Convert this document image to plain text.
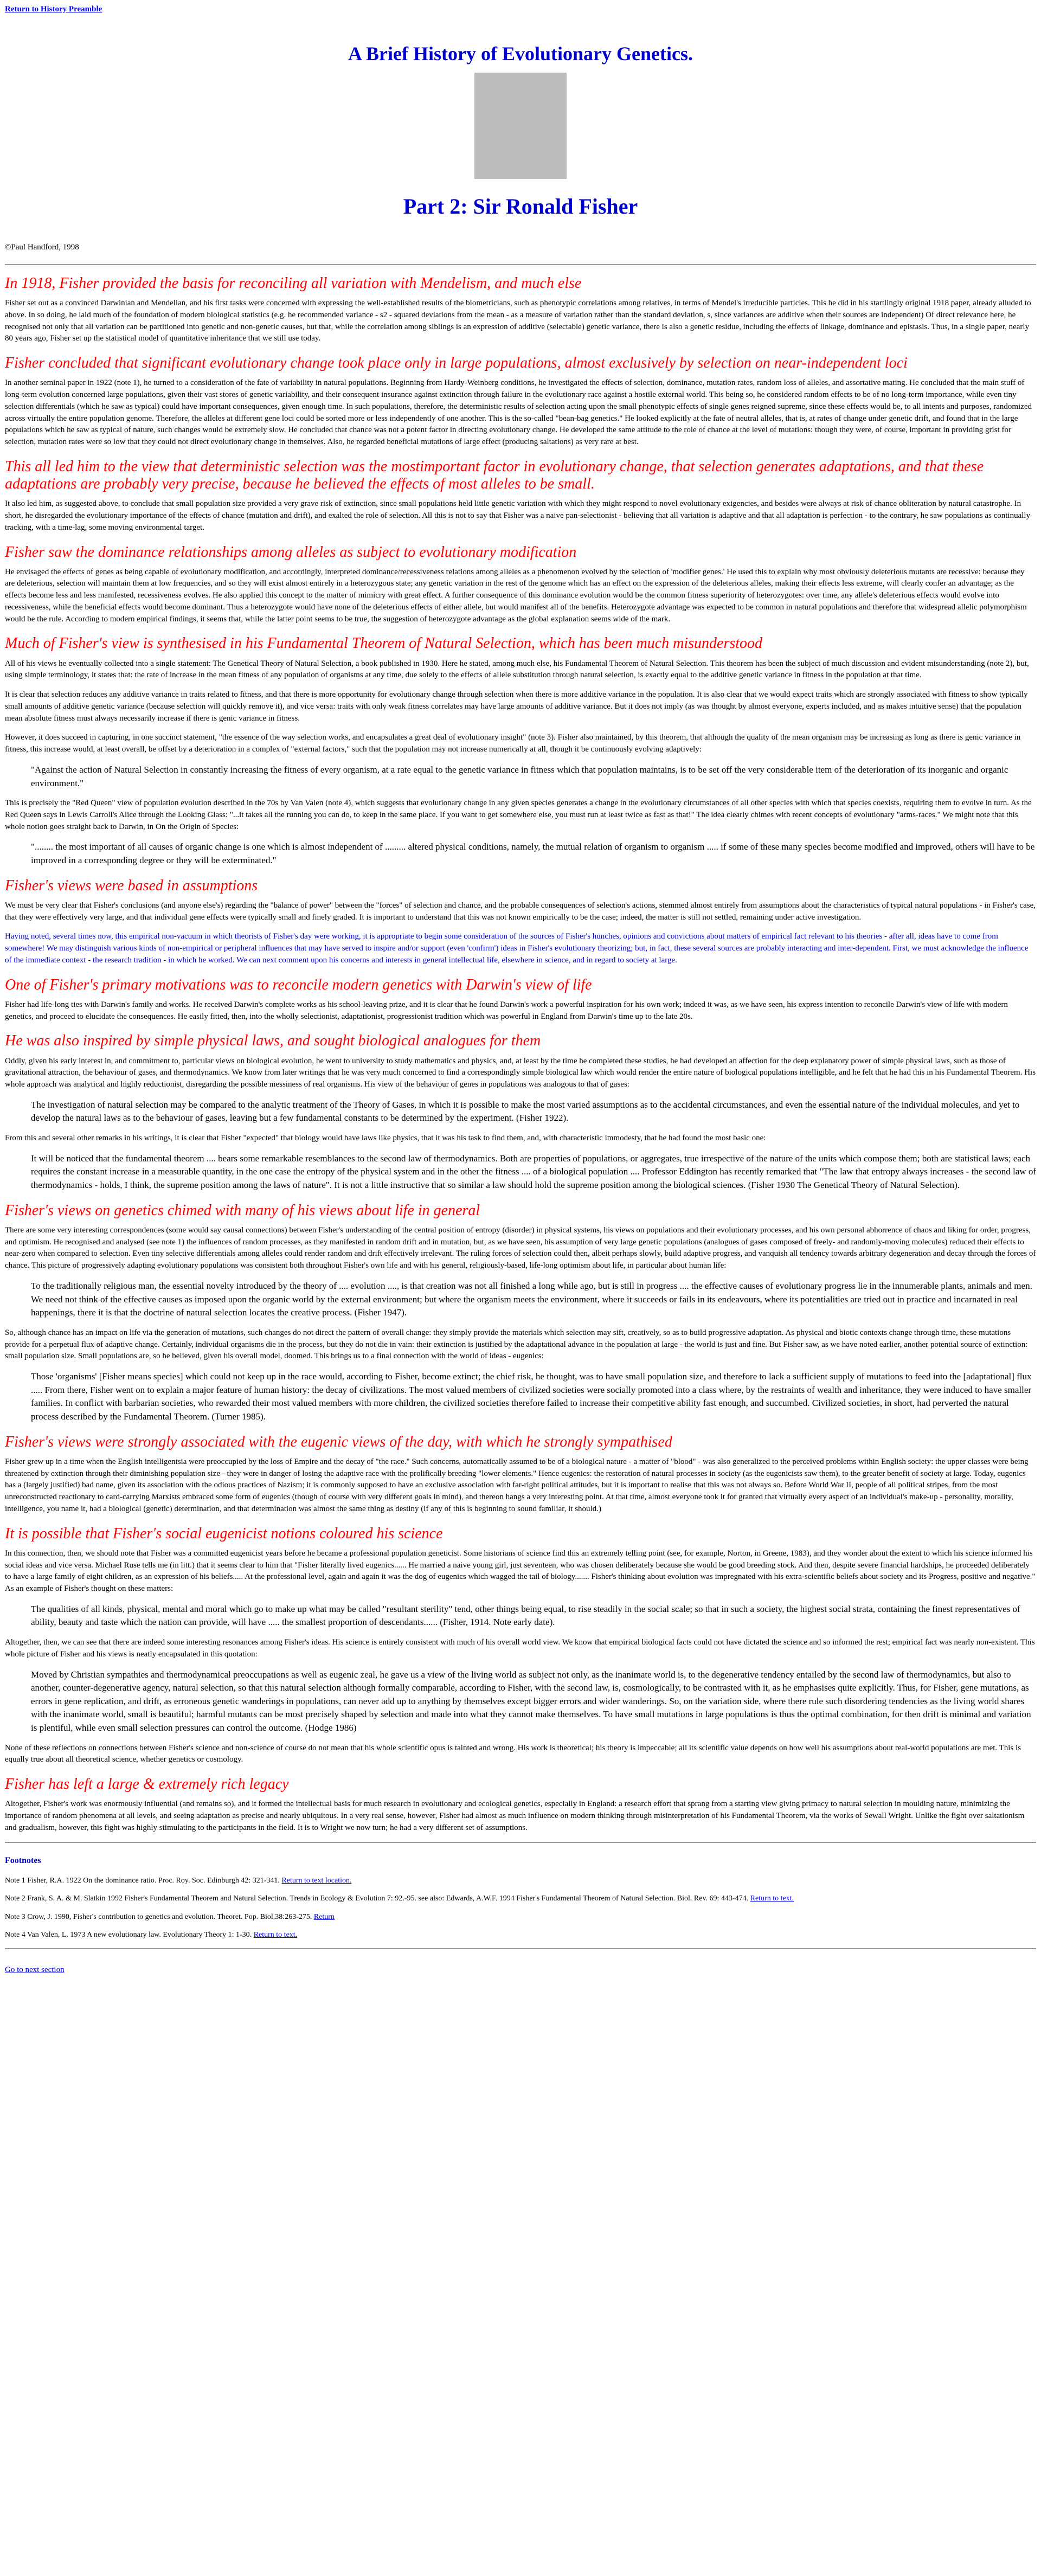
Return to History Preamble
A Brief History of Evolutionary Genetics.
Part 2: Sir Ronald Fisher
©Paul Handford, 1998
In 1918, Fisher provided the basis for reconciling all variation with Mendelism, and much else

Fisher set out as a convinced Darwinian and Mendelian, and his first tasks were concerned with expressing the well-established results of the biometricians, such as phenotypic correlations among relatives, in terms of Mendel's irreducible particles. This he did in his startlingly original 1918 paper, already alluded to above. In so doing, he laid much of the foundation of modern biological statistics (e.g. he recommended variance - s2 - squared deviations from the mean - as a measure of variation rather than the standard deviation, s, since variances are additive when their sources are independent) Of direct relevance here, he recognised not only that all variation can be partitioned into genetic and non-genetic causes, but that, while the correlation among siblings is an expression of additive (selectable) genetic variance, there is also a genetic residue, including the effects of linkage, dominance and epistasis. Thus, in a single paper, nearly 80 years ago, Fisher set up the statistical model of quantitative inheritance that we still use today.

Fisher concluded that significant evolutionary change took place only in large populations, almost exclusively by selection on near-independent loci

In another seminal paper in 1922 (note 1), he turned to a consideration of the fate of variability in natural populations. Beginning from Hardy-Weinberg conditions, he investigated the effects of selection, dominance, mutation rates, random loss of alleles, and assortative mating. He concluded that the main stuff of long-term evolution concerned large populations, given their vast stores of genetic variability, and their consequent insurance against extinction through failure in the evolutionary race against a hostile external world. This being so, he considered random effects to be of no long-term importance, while even tiny selection differentials (which he saw as typical) could have important consequences, given enough time. In such populations, therefore, the deterministic results of selection acting upon the small phenotypic effects of single genes reigned supreme, since these effects would be, to all intents and purposes, randomized across virtually the entire population genome. Therefore, the alleles at different gene loci could be sorted more or less independently of one another. This is the so-called "bean-bag genetics." He looked explicitly at the fate of neutral alleles, that is, at rates of change under genetic drift, and found that in the large populations which he saw as typical of nature, such changes would be extremely slow. He concluded that chance was not a potent factor in directing evolutionary change. He developed the same attitude to the role of chance at the level of mutations: though they were, of course, important in providing grist for selection, mutation rates were so low that they could not direct evolutionary change in themselves. Also, he regarded beneficial mutations of large effect (producing saltations) as very rare at best.

This all led him to the view that deterministic selection was the mostimportant factor in evolutionary change, that selection generates adaptations, and that these adaptations are probably very precise, because he believed the effects of most alleles to be small.

It also led him, as suggested above, to conclude that small population size provided a very grave risk of extinction, since small populations held little genetic variation with which they might respond to novel evolutionary exigencies, and besides were always at risk of chance obliteration by natural catastrophe. In short, he disregarded the evolutionary importance of the effects of chance (mutation and drift), and exalted the role of selection. All this is not to say that Fisher was a naive pan-selectionist - believing that all variation is adaptive and that all adaptation is perfection - to the contrary, he saw populations as continually tracking, with a time-lag, some moving environmental target.

Fisher saw the dominance relationships among alleles as subject to evolutionary modification

He envisaged the effects of genes as being capable of evolutionary modification, and accordingly, interpreted dominance/recessiveness relations among alleles as a phenomenon evolved by the selection of 'modifier genes.' He used this to explain why most obviously deleterious mutants are recessive: because they are deleterious, selection will maintain them at low frequencies, and so they will exist almost entirely in a heterozygous state; any genetic variation in the rest of the genome which has an effect on the expression of the deleterious alleles, making their effects less extreme, will clearly confer an advantage; as the effects become less and less manifested, recessiveness evolves. He also applied this concept to the matter of mimicry with great effect. A further consequence of this dominance evolution would be the common fitness superiority of heterozygotes: over time, any allele's deleterious effects would evolve into recessiveness, while the beneficial effects would become dominant. Thus a heterozygote would have none of the deleterious effects of either allele, but would manifest all of the benefits. Heterozygote advantage was expected to be common in natural populations and therefore that widespread allelic polymorphism would be the rule. According to modern empirical findings, it seems that, while the latter point seems to be true, the suggestion of heterozygote advantage as the global explanation seems wide of the mark.

Much of Fisher's view is synthesised in his Fundamental Theorem of Natural Selection, which has been much misunderstood

All of his views he eventually collected into a single statement: The Genetical Theory of Natural Selection, a book published in 1930. Here he stated, among much else, his Fundamental Theorem of Natural Selection. This theorem has been the subject of much discussion and evident misunderstanding (note 2), but, using simple terminology, it states that: the rate of increase in the mean fitness of any population of organisms at any time, due solely to the effects of allele substitution through natural selection, is exactly equal to the additive genetic variance in fitness in the population at that time.

It is clear that selection reduces any additive variance in traits related to fitness, and that there is more opportunity for evolutionary change through selection when there is more additive variance in the population. It is also clear that we would expect traits which are strongly associated with fitness to show typically small amounts of additive genetic variance (because selection will quickly remove it), and vice versa: traits with only weak fitness correlates may have large amounts of additive variance. But it does not imply (as was thought by almost everyone, experts included, and as makes intuitive sense) that the population mean absolute fitness must always necessarily increase if there is genic variance in fitness.

However, it does succeed in capturing, in one succinct statement, "the essence of the way selection works, and encapsulates a great deal of evolutionary insight" (note 3). Fisher also maintained, by this theorem, that although the quality of the mean organism may be increasing as long as there is genic variance in fitness, this increase would, at least overall, be offset by a deterioration in a complex of "external factors," such that the population may not increase numerically at all, though it be continuously evolving adaptively:

"Against the action of Natural Selection in constantly increasing the fitness of every organism, at a rate equal to the genetic variance in fitness which that population maintains, is to be set off the very considerable item of the deterioration of its inorganic and organic environment."

This is precisely the "Red Queen" view of population evolution described in the 70s by Van Valen (note 4), which suggests that evolutionary change in any given species generates a change in the evolutionary circumstances of all other species with which that species coexists, requiring them to evolve in turn. As the Red Queen says in Lewis Carroll's Alice through the Looking Glass: "...it takes all the running you can do, to keep in the same place. If you want to get somewhere else, you must run at least twice as fast as that!" The idea clearly chimes with recent concepts of evolutionary "arms-races." We might note that this whole notion goes straight back to Darwin, in On the Origin of Species:

"........ the most important of all causes of organic change is one which is almost independent of ......... altered physical conditions, namely, the mutual relation of organism to organism ..... if some of these many species become modified and improved, others will have to be improved in a corresponding degree or they will be exterminated."
Fisher's views were based in assumptions

We must be very clear that Fisher's conclusions (and anyone else's) regarding the "balance of power" between the "forces" of selection and chance, and the probable consequences of selection's actions, stemmed almost entirely from assumptions about the characteristics of typical natural populations - in Fisher's case, that they were effectively very large, and that individual gene effects were typically small and finely graded. It is important to understand that this was not known empirically to be the case; indeed, the matter is still not settled, remaining under active investigation.

Having noted, several times now, this empirical non-vacuum in which theorists of Fisher's day were working, it is appropriate to begin some consideration of the sources of Fisher's hunches, opinions and convictions about matters of empirical fact relevant to his theories - after all, ideas have to come from somewhere! We may distinguish various kinds of non-empirical or peripheral influences that may have served to inspire and/or support (even 'confirm') ideas in Fisher's evolutionary theorizing; but, in fact, these several sources are probably interacting and inter-dependent. First, we must acknowledge the influence of the immediate context - the research tradition - in which he worked. We can next comment upon his concerns and interests in general intellectual life, elsewhere in science, and in regard to society at large.

One of Fisher's primary motivations was to reconcile modern genetics with Darwin's view of life

Fisher had life-long ties with Darwin's family and works. He received Darwin's complete works as his school-leaving prize, and it is clear that he found Darwin's work a powerful inspiration for his own work; indeed it was, as we have seen, his express intention to reconcile Darwin's view of life with modern genetics, and proceed to elucidate the consequences. He easily fitted, then, into the wholly selectionist, adaptationist, progressionist tradition which was powerful in England from Darwin's time up to the late 20s.

He was also inspired by simple physical laws, and sought biological analogues for them

Oddly, given his early interest in, and commitment to, particular views on biological evolution, he went to university to study mathematics and physics, and, at least by the time he completed these studies, he had developed an affection for the deep explanatory power of simple physical laws, such as those of gravitational attraction, the behaviour of gases, and thermodynamics. We know from later writings that he was very much concerned to find a correspondingly simple biological law which would render the entire nature of biological populations intelligible, and he felt that he had this in his Fundamental Theorem. His whole approach was analytical and highly reductionist, disregarding the possible messiness of real organisms. His view of the behaviour of genes in populations was analogous to that of gases:

The investigation of natural selection may be compared to the analytic treatment of the Theory of Gases, in which it is possible to make the most varied assumptions as to the accidental circumstances, and even the essential nature of the individual molecules, and yet to develop the natural laws as to the behaviour of gases, leaving but a few fundamental constants to be determined by the experiment. (Fisher 1922).

From this and several other remarks in his writings, it is clear that Fisher "expected" that biology would have laws like physics, that it was his task to find them, and, with characteristic immodesty, that he had found the most basic one:

It will be noticed that the fundamental theorem .... bears some remarkable resemblances to the second law of thermodynamics. Both are properties of populations, or aggregates, true irrespective of the nature of the units which compose them; both are statistical laws; each requires the constant increase in a measurable quantity, in the one case the entropy of the physical system and in the other the fitness .... of a biological population .... Professor Eddington has recently remarked that "The law that entropy always increases - the second law of thermodynamics - holds, I think, the supreme position among the laws of nature". It is not a little instructive that so similar a law should hold the supreme position among the biological sciences. (Fisher 1930 The Genetical Theory of Natural Selection).
Fisher's views on genetics chimed with many of his views about life in general

There are some very interesting correspondences (some would say causal connections) between Fisher's understanding of the central position of entropy (disorder) in physical systems, his views on populations and their evolutionary processes, and his own personal abhorrence of chaos and liking for order, progress, and optimism. He recognised and analysed (see note 1) the influences of random processes, as they manifested in random drift and in mutation, but, as we have seen, his assumption of very large genetic populations (analogues of gases composed of freely- and randomly-moving molecules) reduced their effects to near-zero when compared to selection. Even tiny selective differentials among alleles could render random and drift effectively irrelevant. The ruling forces of selection could then, albeit perhaps slowly, build adaptive progress, and vanquish all tendency towards arbitrary degeneration and decay through the forces of chance. This picture of progressively adapting evolutionary populations was consistent both throughout Fisher's own life and with his general, religiously-based, life-long optimism about life, in particular about human life:

To the traditionally religious man, the essential novelty introduced by the theory of .... evolution ...., is that creation was not all finished a long while ago, but is still in progress .... the effective causes of evolutionary progress lie in the innumerable plants, animals and men. We need not think of the effective causes as imposed upon the organic world by the external environment; but where the organism meets the environment, where it succeeds or fails in its endeavours, where its potentialities are tried out in practice and incarnated in real happenings, there it is that the doctrine of natural selection locates the creative process. (Fisher 1947).

So, although chance has an impact on life via the generation of mutations, such changes do not direct the pattern of overall change: they simply provide the materials which selection may sift, creatively, so as to build progressive adaptation. As physical and biotic contexts change through time, these mutations provide for a perpetual flux of adaptive change. Certainly, individual organisms die in the process, but they do not die in vain: their extinction is justified by the adaptational advance in the population at large - the world is just and fine. But Fisher saw, as we have noted earlier, another potential source of extinction: small population size. Small populations are, so he believed, given his overall model, doomed. This brings us to a final connection with the world of ideas - eugenics:

Those 'organisms' [Fisher means species] which could not keep up in the race would, according to Fisher, become extinct; the chief risk, he thought, was to have small population size, and therefore to lack a sufficient supply of mutations to feed into the [adaptational] flux ..... From there, Fisher went on to explain a major feature of human history: the decay of civilizations. The most valued members of civilized societies were socially promoted into a class where, by the restraints of wealth and inheritance, they were induced to have smaller families. In conflict with barbarian societies, who rewarded their most valued members with more children, the civilized societies therefore failed to increase their competitive ability fast enough, and succumbed. Civilized societies, in short, had perverted the natural process described by the Fundamental Theorem. (Turner 1985).
Fisher's views were strongly associated with the eugenic views of the day, with which he strongly sympathised

Fisher grew up in a time when the English intelligentsia were preoccupied by the loss of Empire and the decay of "the race." Such concerns, automatically assumed to be of a biological nature - a matter of "blood" - was also generalized to the perceived problems within English society: the upper classes were being threatened by extinction through their diminishing population size - they were in danger of losing the adaptive race with the prolifically breeding "lower elements." Hence eugenics: the restoration of natural processes in society (as the eugenicists saw them), to the greater benefit of society at large. Today, eugenics has a (largely justified) bad name, given its association with the odious practices of Nazism; it is commonly supposed to have an exclusive association with far-right political attitudes, but it is important to realise that this was not always so. Before World War II, people of all political stripes, from the most unreconstructed reactionary to card-carrying Marxists embraced some form of eugenics (though of course with very different goals in mind), and thereon hangs a very interesting point. At that time, almost everyone took it for granted that virtually every aspect of an individual's make-up - personality, morality, intelligence, you name it, had a biological (genetic) determination, and that determination was almost the same thing as destiny (if any of this is beginning to sound familiar, it should.)

It is possible that Fisher's social eugenicist notions coloured his science

In this connection, then, we should note that Fisher was a committed eugenicist years before he became a professional population geneticist. Some historians of science find this an extremely telling point (see, for example, Norton, in Greene, 1983), and they wonder about the extent to which his science informed his social ideas and vice versa. Michael Ruse tells me (in litt.) that it seems clear to him that "Fisher literally lived eugenics...... He married a naive young girl, just seventeen, who was chosen deliberately because she would be good breeding stock. And then, despite severe financial hardships, he proceeded deliberately to have a large family of eight children, as an expression of his beliefs..... At the professional level, again and again it was the dog of eugenics which wagged the tail of biology....... Fisher's thinking about evolution was impregnated with his extra-scientific beliefs about society and its Progress, positive and negative." As an example of Fisher's thought on these matters:

The qualities of all kinds, physical, mental and moral which go to make up what may be called "resultant sterility" tend, other things being equal, to rise steadily in the social scale; so that in such a society, the highest social strata, containing the finest representatives of ability, beauty and taste which the nation can provide, will have ..... the smallest proportion of descendants...... (Fisher, 1914. Note early date).

Altogether, then, we can see that there are indeed some interesting resonances among Fisher's ideas. His science is entirely consistent with much of his overall world view. We know that empirical biological facts could not have dictated the science and so informed the rest; empirical fact was nearly non-existent. This whole picture of Fisher and his views is neatly encapsulated in this quotation:

Moved by Christian sympathies and thermodynamical preoccupations as well as eugenic zeal, he gave us a view of the living world as subject not only, as the inanimate world is, to the degenerative tendency entailed by the second law of thermodynamics, but also to another, counter-degenerative agency, natural selection, so that this natural selection although formally comparable, according to Fisher, with the second law, is, cosmologically, to be contrasted with it, as he emphasises quite explicitly. Thus, for Fisher, gene mutations, as errors in gene replication, and drift, as erroneous genetic wanderings in populations, can never add up to anything by themselves except bigger errors and wider wanderings. So, on the variation side, where there rule such disordering tendencies as the living world shares with the inanimate world, small is beautiful; harmful mutants can be most precisely shaped by selection and made into what they cannot make themselves. To have small mutations in large populations is thus the optimal combination, for then drift is minimal and variation is plentiful, while even small selection pressures can control the outcome. (Hodge 1986)

None of these reflections on connections between Fisher's science and non-science of course do not mean that his whole scientific opus is tainted and wrong. His work is theoretical; his theory is impeccable; all its scientific value depends on how well his assumptions about real-world populations are met. This is equally true about all theoretical science, whether genetics or cosmology.

Fisher has left a large & extremely rich legacy

Altogether, Fisher's work was enormously influential (and remains so), and it formed the intellectual basis for much research in evolutionary and ecological genetics, especially in England: a research effort that sprang from a starting view giving primacy to natural selection in moulding nature, minimizing the importance of random phenomena at all levels, and seeing adaptation as precise and nearly ubiquitous. In a very real sense, however, Fisher had almost as much influence on modern thinking through misinterpretation of his Fundamental Theorem, via the works of Sewall Wright. Unlike the fight over saltationism and gradualism, however, this fight was highly stimulating to the participants in the field. It is to Wright we now turn; he had a very different set of assumptions.

Footnotes

Note 1 Fisher, R.A. 1922 On the dominance ratio. Proc. Roy. Soc. Edinburgh 42: 321-341. Return to text location.

Note 2 Frank, S. A. & M. Slatkin 1992 Fisher's Fundamental Theorem and Natural Selection. Trends in Ecology & Evolution 7: 92.-95. see also: Edwards, A.W.F. 1994 Fisher's Fundamental Theorem of Natural Selection. Biol. Rev. 69: 443-474. Return to text.

Note 3 Crow, J. 1990, Fisher's contribution to genetics and evolution. Theoret. Pop. Biol.38:263-275. Return

Note 4 Van Valen, L. 1973 A new evolutionary law. Evolutionary Theory 1: 1-30. Return to text.

Go to next section
